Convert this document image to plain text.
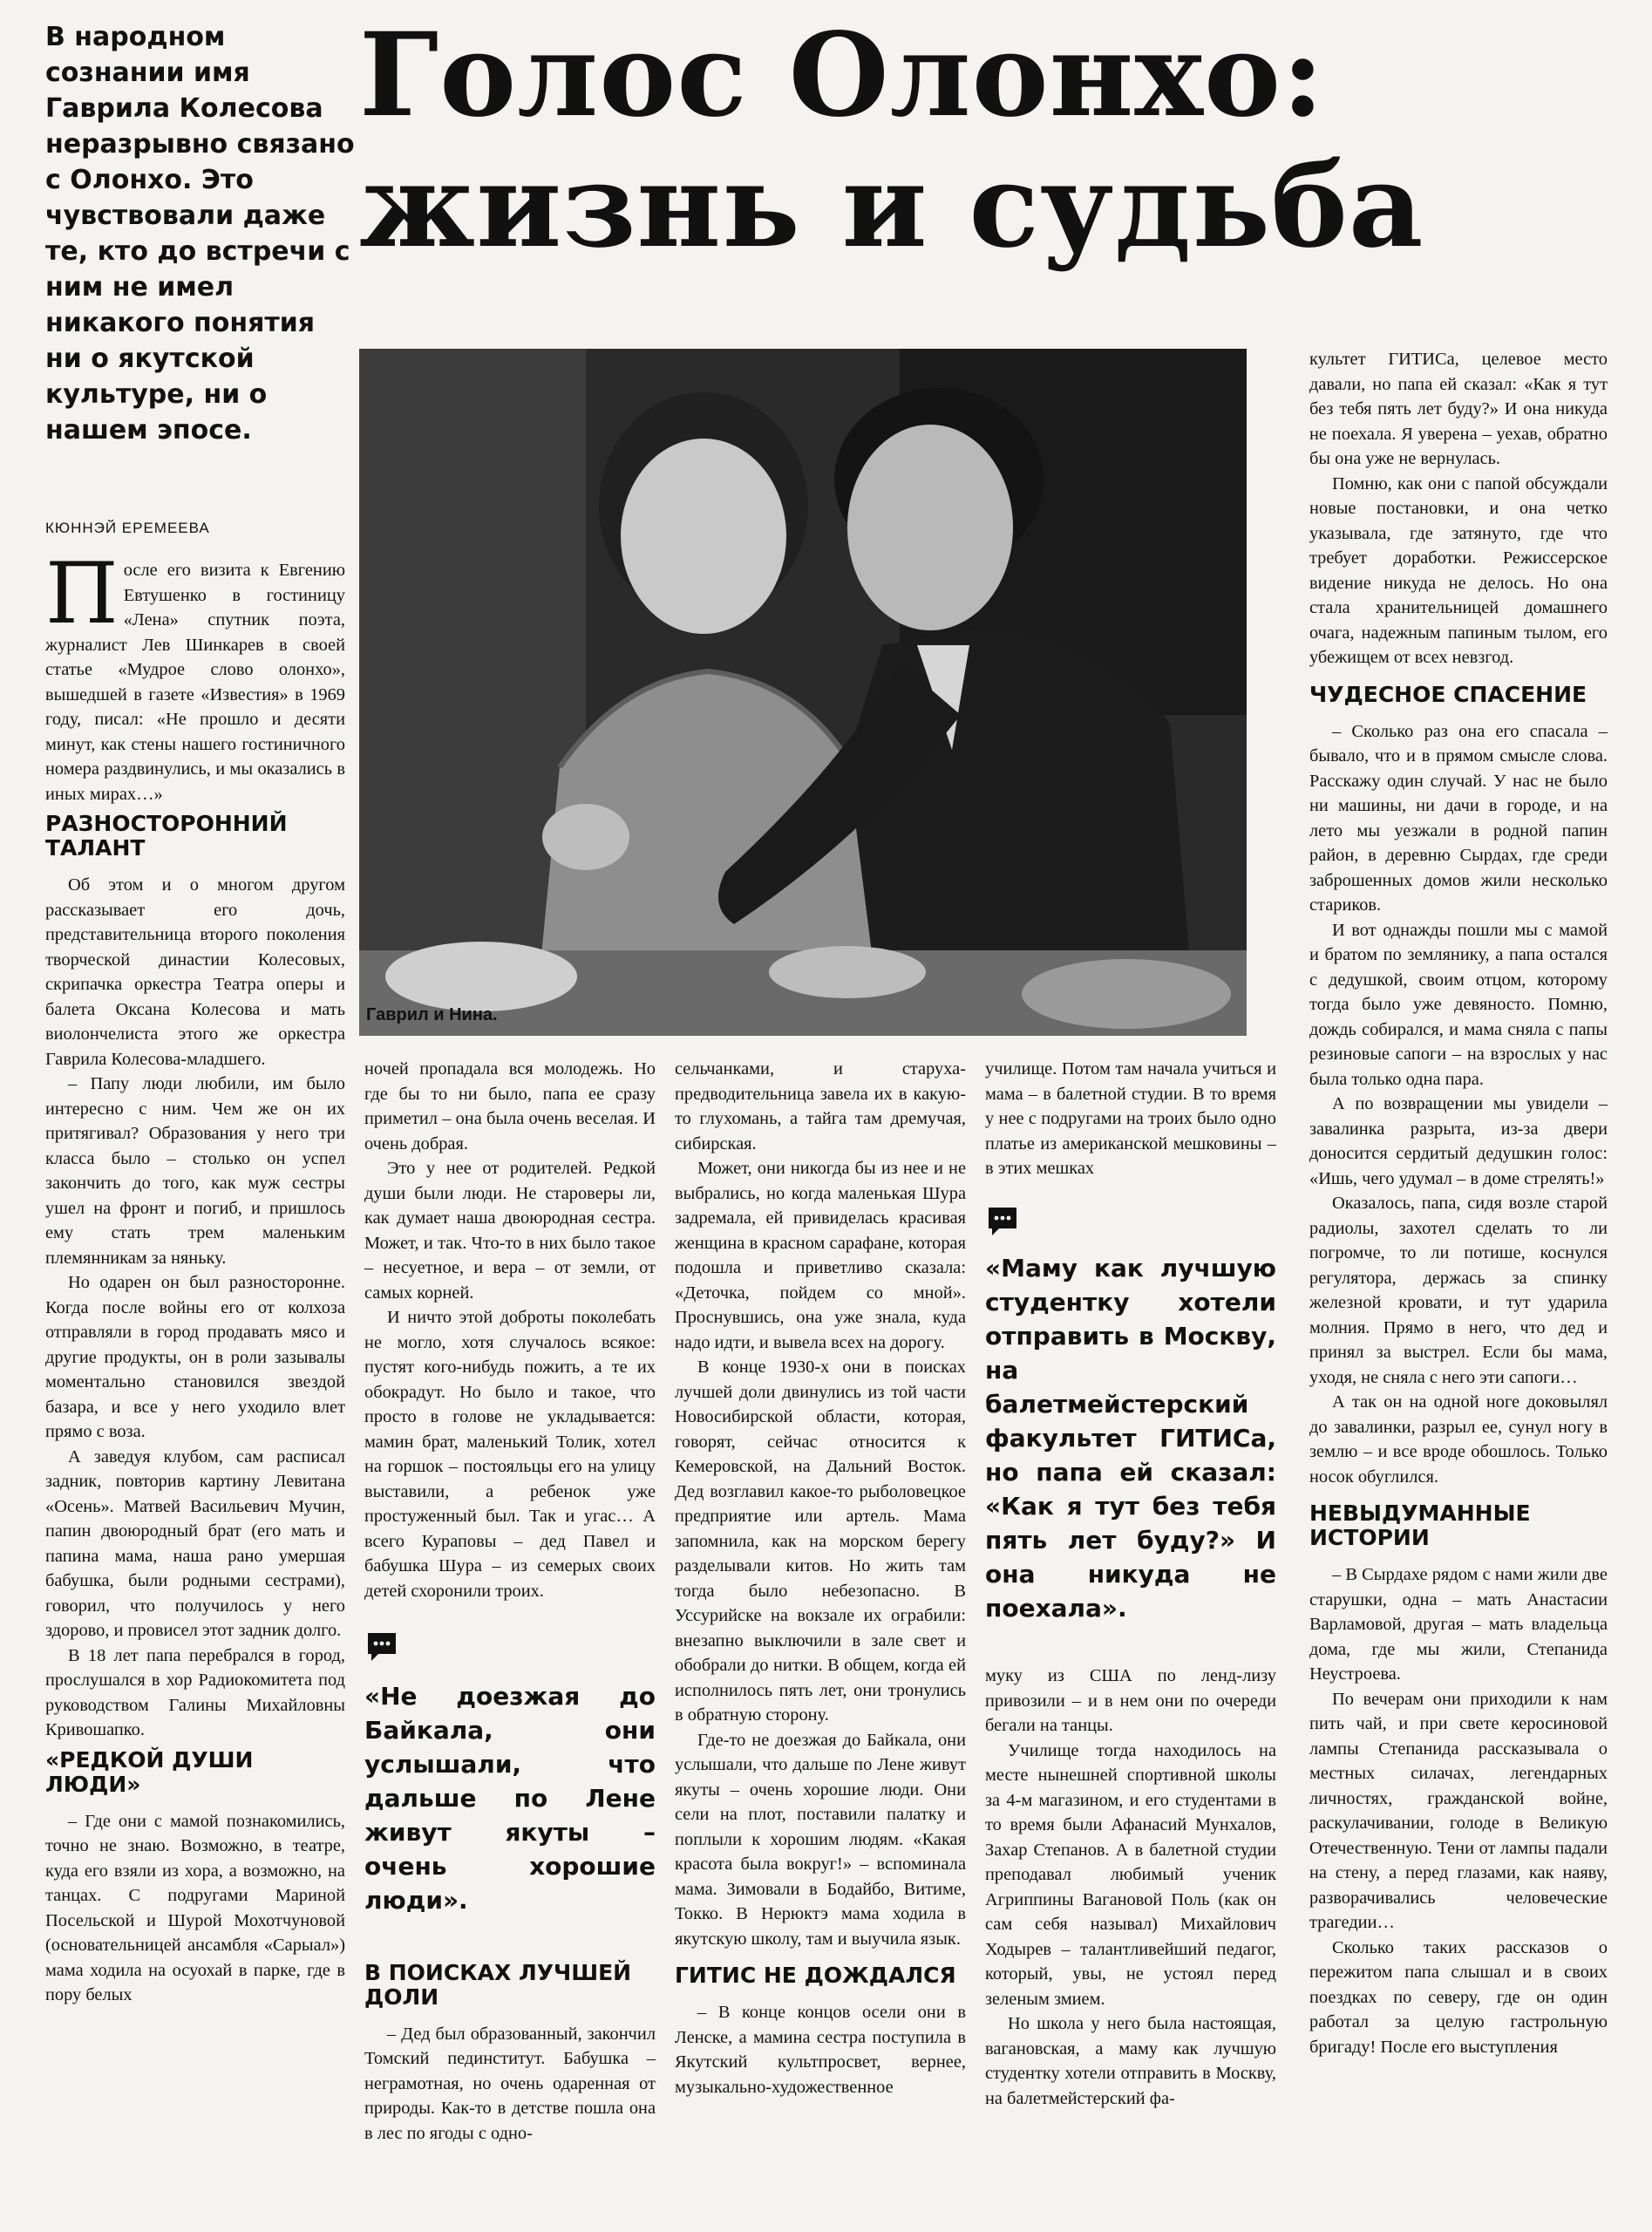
В народном сознании имя Гаврила Колесова неразрывно связано с Олонхо. Это чувствовали даже те, кто до встречи с ним не имел никакого понятия ни о якутской культуре, ни о нашем эпосе.
Голос Олонхо:
жизнь и судьба
КЮННЭЙ ЕРЕМЕЕВА
Гаврил и Нина.

После его визита к Евгению Евтушенко в гостиницу «Лена» спутник поэта, журналист Лев Шинкарев в своей статье «Мудрое слово олонхо», вышедшей в газете «Известия» в 1969 году, писал: «Не прошло и десяти минут, как стены нашего гостиничного номера раздвинулись, и мы оказались в иных мирах…»

РАЗНОСТОРОННИЙ ТАЛАНТ

Об этом и о многом другом рассказывает его дочь, представительница второго поколения творческой династии Колесовых, скрипачка оркестра Театра оперы и балета Оксана Колесова и мать виолончелиста этого же оркестра Гаврила Колесова-младшего.

– Папу люди любили, им было интересно с ним. Чем же он их притягивал? Образования у него три класса было – столько он успел закончить до того, как муж сестры ушел на фронт и погиб, и пришлось ему стать трем маленьким племянникам за няньку.

Но одарен он был разносторонне. Когда после войны его от колхоза отправляли в город продавать мясо и другие продукты, он в роли зазывалы моментально становился звездой базара, и все у него уходило влет прямо с воза.

А заведуя клубом, сам расписал задник, повторив картину Левитана «Осень». Матвей Васильевич Мучин, папин двоюродный брат (его мать и папина мама, наша рано умершая бабушка, были родными сестрами), говорил, что получилось у него здорово, и провисел этот задник долго.

В 18 лет папа перебрался в город, прослушался в хор Радиокомитета под руководством Галины Михайловны Кривошапко.

«РЕДКОЙ ДУШИ ЛЮДИ»

– Где они с мамой познакомились, точно не знаю. Возможно, в театре, куда его взяли из хора, а возможно, на танцах. С подругами Мариной Посельской и Шурой Мохотчуновой (основательницей ансамбля «Сарыал») мама ходила на осуохай в парке, где в пору белых

ночей пропадала вся молодежь. Но где бы то ни было, папа ее сразу приметил – она была очень веселая. И очень добрая.

Это у нее от родителей. Редкой души были люди. Не староверы ли, как думает наша двоюродная сестра. Может, и так. Что-то в них было такое – несуетное, и вера – от земли, от самых корней.

И ничто этой доброты поколебать не могло, хотя случалось всякое: пустят кого-нибудь пожить, а те их обокрадут. Но было и такое, что просто в голове не укладывается: мамин брат, маленький Толик, хотел на горшок – постояльцы его на улицу выставили, а ребенок уже простуженный был. Так и угас… А всего Кураповы – дед Павел и бабушка Шура – из семерых своих детей схоронили троих.

«Не доезжая до Байкала, они услышали, что дальше по Лене живут якуты – очень хорошие люди».
В ПОИСКАХ ЛУЧШЕЙ ДОЛИ

– Дед был образованный, закончил Томский пединститут. Бабушка – неграмотная, но очень одаренная от природы. Как-то в детстве пошла она в лес по ягоды с одно-

сельчанками, и старуха-предводительница завела их в какую-то глухомань, а тайга там дремучая, сибирская.

Может, они никогда бы из нее и не выбрались, но когда маленькая Шура задремала, ей привиделась красивая женщина в красном сарафане, которая подошла и приветливо сказала: «Деточка, пойдем со мной». Проснувшись, она уже знала, куда надо идти, и вывела всех на дорогу.

В конце 1930-х они в поисках лучшей доли двинулись из той части Новосибирской области, которая, говорят, сейчас относится к Кемеровской, на Дальний Восток. Дед возглавил какое-то рыболовецкое предприятие или артель. Мама запомнила, как на морском берегу разделывали китов. Но жить там тогда было небезопасно. В Уссурийске на вокзале их ограбили: внезапно выключили в зале свет и обобрали до нитки. В общем, когда ей исполнилось пять лет, они тронулись в обратную сторону.

Где-то не доезжая до Байкала, они услышали, что дальше по Лене живут якуты – очень хорошие люди. Они сели на плот, поставили палатку и поплыли к хорошим людям. «Какая красота была вокруг!» – вспоминала мама. Зимовали в Бодайбо, Витиме, Токко. В Нерюктэ мама ходила в якутскую школу, там и выучила язык.

ГИТИС НЕ ДОЖДАЛСЯ

– В конце концов осели они в Ленске, а мамина сестра поступила в Якутский культпросвет, вернее, музыкально-художественное

училище. Потом там начала учиться и мама – в балетной студии. В то время у нее с подругами на троих было одно платье из американской мешковины – в этих мешках

«Маму как лучшую студентку хотели отправить в Москву, на балетмейстерский факультет ГИТИСа, но папа ей сказал: «Как я тут без тебя пять лет буду?» И она никуда не поехала».

муку из США по ленд-лизу привозили – и в нем они по очереди бегали на танцы.

Училище тогда находилось на месте нынешней спортивной школы за 4-м магазином, и его студентами в то время были Афанасий Мунхалов, Захар Степанов. А в балетной студии преподавал любимый ученик Агриппины Вагановой Поль (как он сам себя называл) Михайлович Ходырев – талантливейший педагог, который, увы, не устоял перед зеленым змием.

Но школа у него была настоящая, вагановская, а маму как лучшую студентку хотели отправить в Москву, на балетмейстерский фа-

культет ГИТИСа, целевое место давали, но папа ей сказал: «Как я тут без тебя пять лет буду?» И она никуда не поехала. Я уверена – уехав, обратно бы она уже не вернулась.

Помню, как они с папой обсуждали новые постановки, и она четко указывала, где затянуто, где что требует доработки. Режиссерское видение никуда не делось. Но она стала хранительницей домашнего очага, надежным папиным тылом, его убежищем от всех невзгод.

ЧУДЕСНОЕ СПАСЕНИЕ

– Сколько раз она его спасала – бывало, что и в прямом смысле слова. Расскажу один случай. У нас не было ни машины, ни дачи в городе, и на лето мы уезжали в родной папин район, в деревню Сырдах, где среди заброшенных домов жили несколько стариков.

И вот однажды пошли мы с мамой и братом по землянику, а папа остался с дедушкой, своим отцом, которому тогда было уже девяносто. Помню, дождь собирался, и мама сняла с папы резиновые сапоги – на взрослых у нас была только одна пара.

А по возвращении мы увидели – завалинка разрыта, из-за двери доносится сердитый дедушкин голос: «Ишь, чего удумал – в доме стрелять!»

Оказалось, папа, сидя возле старой радиолы, захотел сделать то ли погромче, то ли потише, коснулся регулятора, держась за спинку железной кровати, и тут ударила молния. Прямо в него, что дед и принял за выстрел. Если бы мама, уходя, не сняла с него эти сапоги…

А так он на одной ноге доковылял до завалинки, разрыл ее, сунул ногу в землю – и все вроде обошлось. Только носок обуглился.

НЕВЫДУМАННЫЕ ИСТОРИИ

– В Сырдахе рядом с нами жили две старушки, одна – мать Анастасии Варламовой, другая – мать владельца дома, где мы жили, Степанида Неустроева.

По вечерам они приходили к нам пить чай, и при свете керосиновой лампы Степанида рассказывала о местных силачах, легендарных личностях, гражданской войне, раскулачивании, голоде в Великую Отечественную. Тени от лампы падали на стену, а перед глазами, как наяву, разворачивались человеческие трагедии…

Сколько таких рассказов о пережитом папа слышал и в своих поездках по северу, где он один работал за целую гастрольную бригаду! После его выступления
